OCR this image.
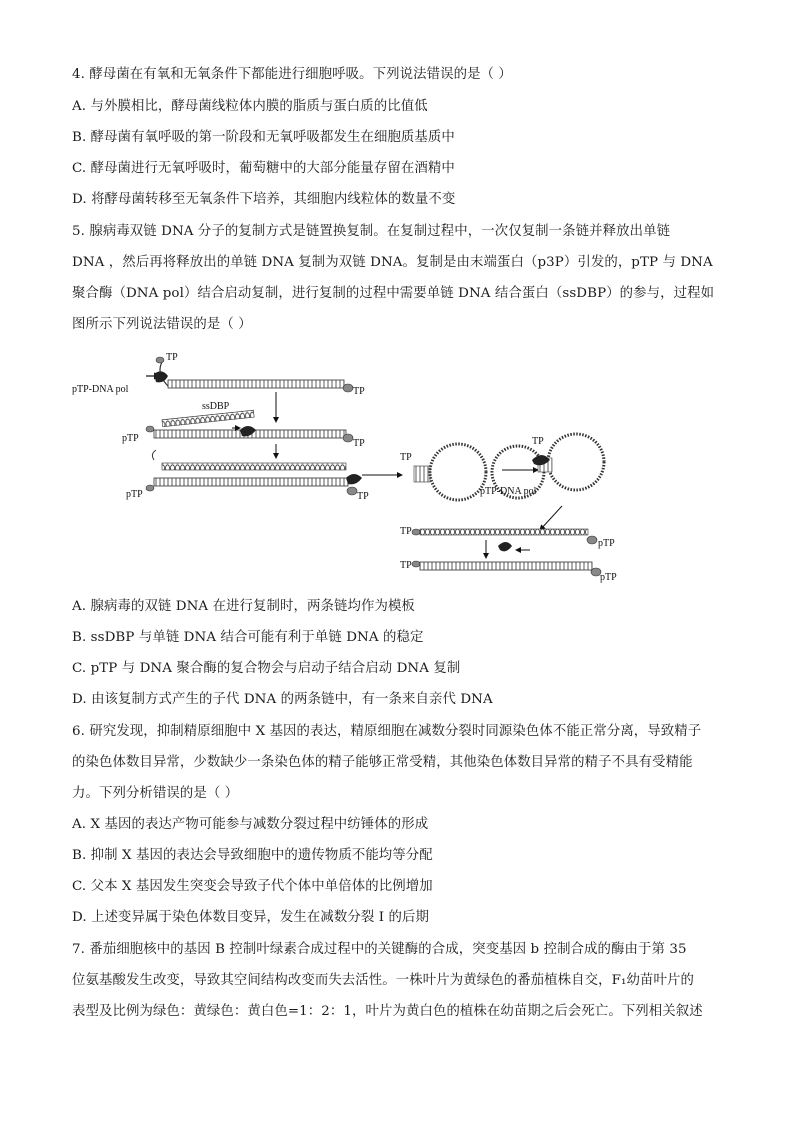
4. 酵母菌在有氧和无氧条件下都能进行细胞呼吸。下列说法错误的是（ ）
A. 与外膜相比，酵母菌线粒体内膜的脂质与蛋白质的比值低
B. 酵母菌有氧呼吸的第一阶段和无氧呼吸都发生在细胞质基质中
C. 酵母菌进行无氧呼吸时，葡萄糖中的大部分能量存留在酒精中
D. 将酵母菌转移至无氧条件下培养，其细胞内线粒体的数量不变
5. 腺病毒双链 DNA 分子的复制方式是链置换复制。在复制过程中，一次仅复制一条链并释放出单链
DNA ，然后再将释放出的单链 DNA 复制为双链 DNA。复制是由末端蛋白（p3P）引发的，pTP 与 DNA
聚合酶（DNA pol）结合启动复制，进行复制的过程中需要单链 DNA 结合蛋白（ssDBP）的参与，过程如
图所示下列说法错误的是（ ）
TP
TP
pTP-DNA pol
ssDBP
pTP	TP
pTP	TP
TP
TP
pTP-DNA pol
TP
pTP
TP
pTP
A. 腺病毒的双链 DNA 在进行复制时，两条链均作为模板
B. ssDBP 与单链 DNA 结合可能有利于单链 DNA 的稳定
C. pTP 与 DNA 聚合酶的复合物会与启动子结合启动 DNA 复制
D. 由该复制方式产生的子代 DNA 的两条链中，有一条来自亲代 DNA
6. 研究发现，抑制精原细胞中 X 基因的表达，精原细胞在减数分裂时同源染色体不能正常分离，导致精子
的染色体数目异常，少数缺少一条染色体的精子能够正常受精，其他染色体数目异常的精子不具有受精能
力。下列分析错误的是（ ）
A. X 基因的表达产物可能参与减数分裂过程中纺锤体的形成
B. 抑制 X 基因的表达会导致细胞中的遗传物质不能均等分配
C. 父本 X 基因发生突变会导致子代个体中单倍体的比例增加
D. 上述变异属于染色体数目变异，发生在减数分裂 I 的后期
7. 番茄细胞核中的基因 B 控制叶绿素合成过程中的关键酶的合成，突变基因 b 控制合成的酶由于第 35
位氨基酸发生改变，导致其空间结构改变而失去活性。一株叶片为黄绿色的番茄植株自交，F₁幼苗叶片的
表型及比例为绿色：黄绿色：黄白色=1：2：1，叶片为黄白色的植株在幼苗期之后会死亡。下列相关叙述
